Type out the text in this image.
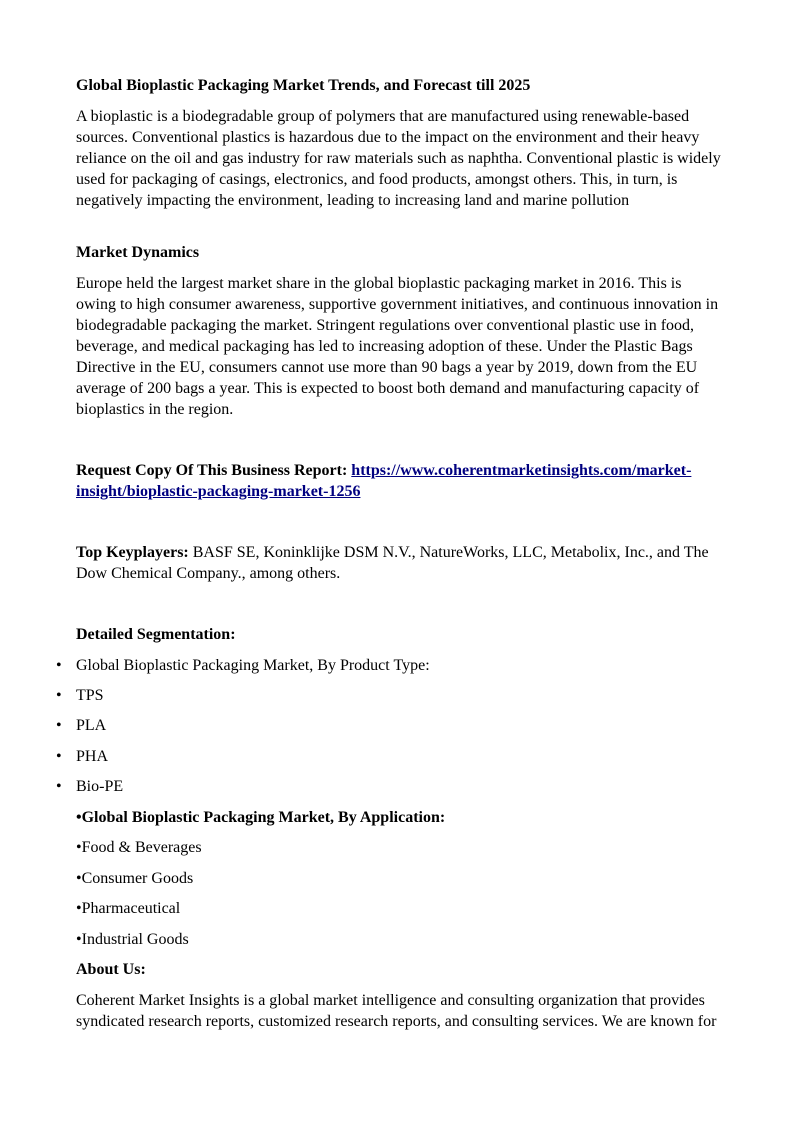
Global Bioplastic Packaging Market Trends, and Forecast till 2025

A bioplastic is a biodegradable group of polymers that are manufactured using renewable-based sources. Conventional plastics is hazardous due to the impact on the environment and their heavy reliance on the oil and gas industry for raw materials such as naphtha. Conventional plastic is widely used for packaging of casings, electronics, and food products, amongst others. This, in turn, is negatively impacting the environment, leading to increasing land and marine pollution

Market Dynamics

Europe held the largest market share in the global bioplastic packaging market in 2016. This is owing to high consumer awareness, supportive government initiatives, and continuous innovation in biodegradable packaging the market. Stringent regulations over conventional plastic use in food, beverage, and medical packaging has led to increasing adoption of these. Under the Plastic Bags Directive in the EU, consumers cannot use more than 90 bags a year by 2019, down from the EU average of 200 bags a year. This is expected to boost both demand and manufacturing capacity of bioplastics in the region.

Request Copy Of This Business Report: https://www.coherentmarketinsights.com/market-
insight/bioplastic-packaging-market-1256

Top Keyplayers: BASF SE, Koninklijke DSM N.V., NatureWorks, LLC, Metabolix, Inc., and The Dow Chemical Company., among others.

Detailed Segmentation:

• Global Bioplastic Packaging Market, By Product Type:
• TPS
• PLA
• PHA
• Bio-PE
•Global Bioplastic Packaging Market, By Application:
•Food & Beverages
•Consumer Goods
•Pharmaceutical
•Industrial Goods

About Us:

Coherent Market Insights is a global market intelligence and consulting organization that provides syndicated research reports, customized research reports, and consulting services. We are known for
